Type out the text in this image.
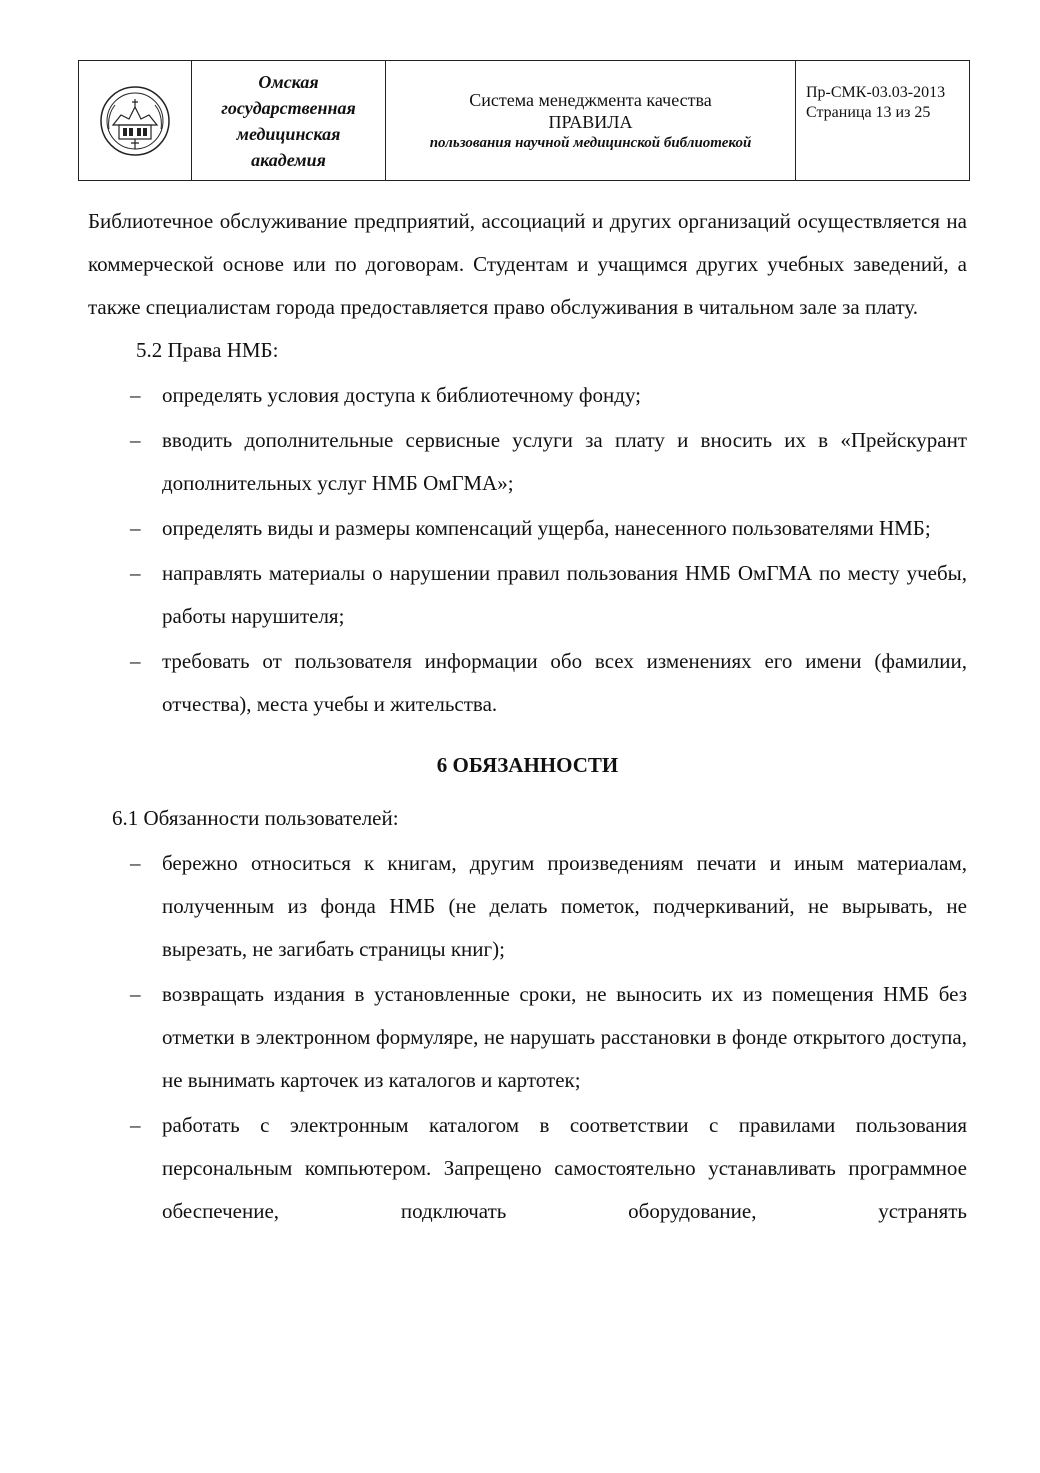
Омская
государственная
медицинская
академия

Система менеджмента качества
ПРАВИЛА
пользования научной медицинской библиотекой

Пр-СМК-03.03-2013
Страница 13 из 25

Библиотечное обслуживание предприятий, ассоциаций и других организаций осуществляется на коммерческой основе или по договорам. Студентам и учащимся других учебных заведений, а также специалистам города предоставляется право обслуживания в читальном зале за плату.

5.2 Права НМБ:

– определять условия доступа к библиотечному фонду;
– вводить дополнительные сервисные услуги за плату и вносить их в «Прейскурант дополнительных услуг НМБ ОмГМА»;
– определять виды и размеры компенсаций ущерба, нанесенного пользователями НМБ;
– направлять материалы о нарушении правил пользования НМБ ОмГМА по месту учебы, работы нарушителя;
– требовать от пользователя информации обо всех изменениях его имени (фамилии, отчества), места учебы и жительства.
6 ОБЯЗАННОСТИ

6.1 Обязанности пользователей:

– бережно относиться к книгам, другим произведениям печати и иным материалам, полученным из фонда НМБ (не делать пометок, подчеркиваний, не вырывать, не вырезать, не загибать страницы книг);
– возвращать издания в установленные сроки, не выносить их из помещения НМБ без отметки в электронном формуляре, не нарушать расстановки в фонде открытого доступа, не вынимать карточек из каталогов и картотек;
– работать с электронным каталогом в соответствии с правилами пользования персональным компьютером. Запрещено самостоятельно устанавливать программное обеспечение, подключать оборудование, устранять
